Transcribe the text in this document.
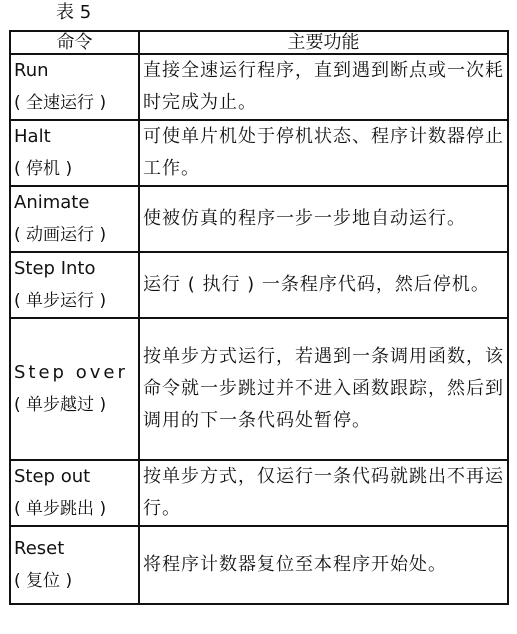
表 5
命令	主要功能

Run
( 全速运行 )	直接全速运行程序，直到遇到断点或一次耗时完成为止。

Halt
( 停机 )	可使单片机处于停机状态、程序计数器停止工作。

Animate
( 动画运行 )	使被仿真的程序一步一步地自动运行。

Step Into
( 单步运行 )	运行 ( 执行 ) 一条程序代码，然后停机。

Step over
( 单步越过 )	按单步方式运行，若遇到一条调用函数，该命令就一步跳过并不进入函数跟踪，然后到调用的下一条代码处暂停。

Step out
( 单步跳出 )	按单步方式，仅运行一条代码就跳出不再运行。

Reset
( 复位 )	将程序计数器复位至本程序开始处。
